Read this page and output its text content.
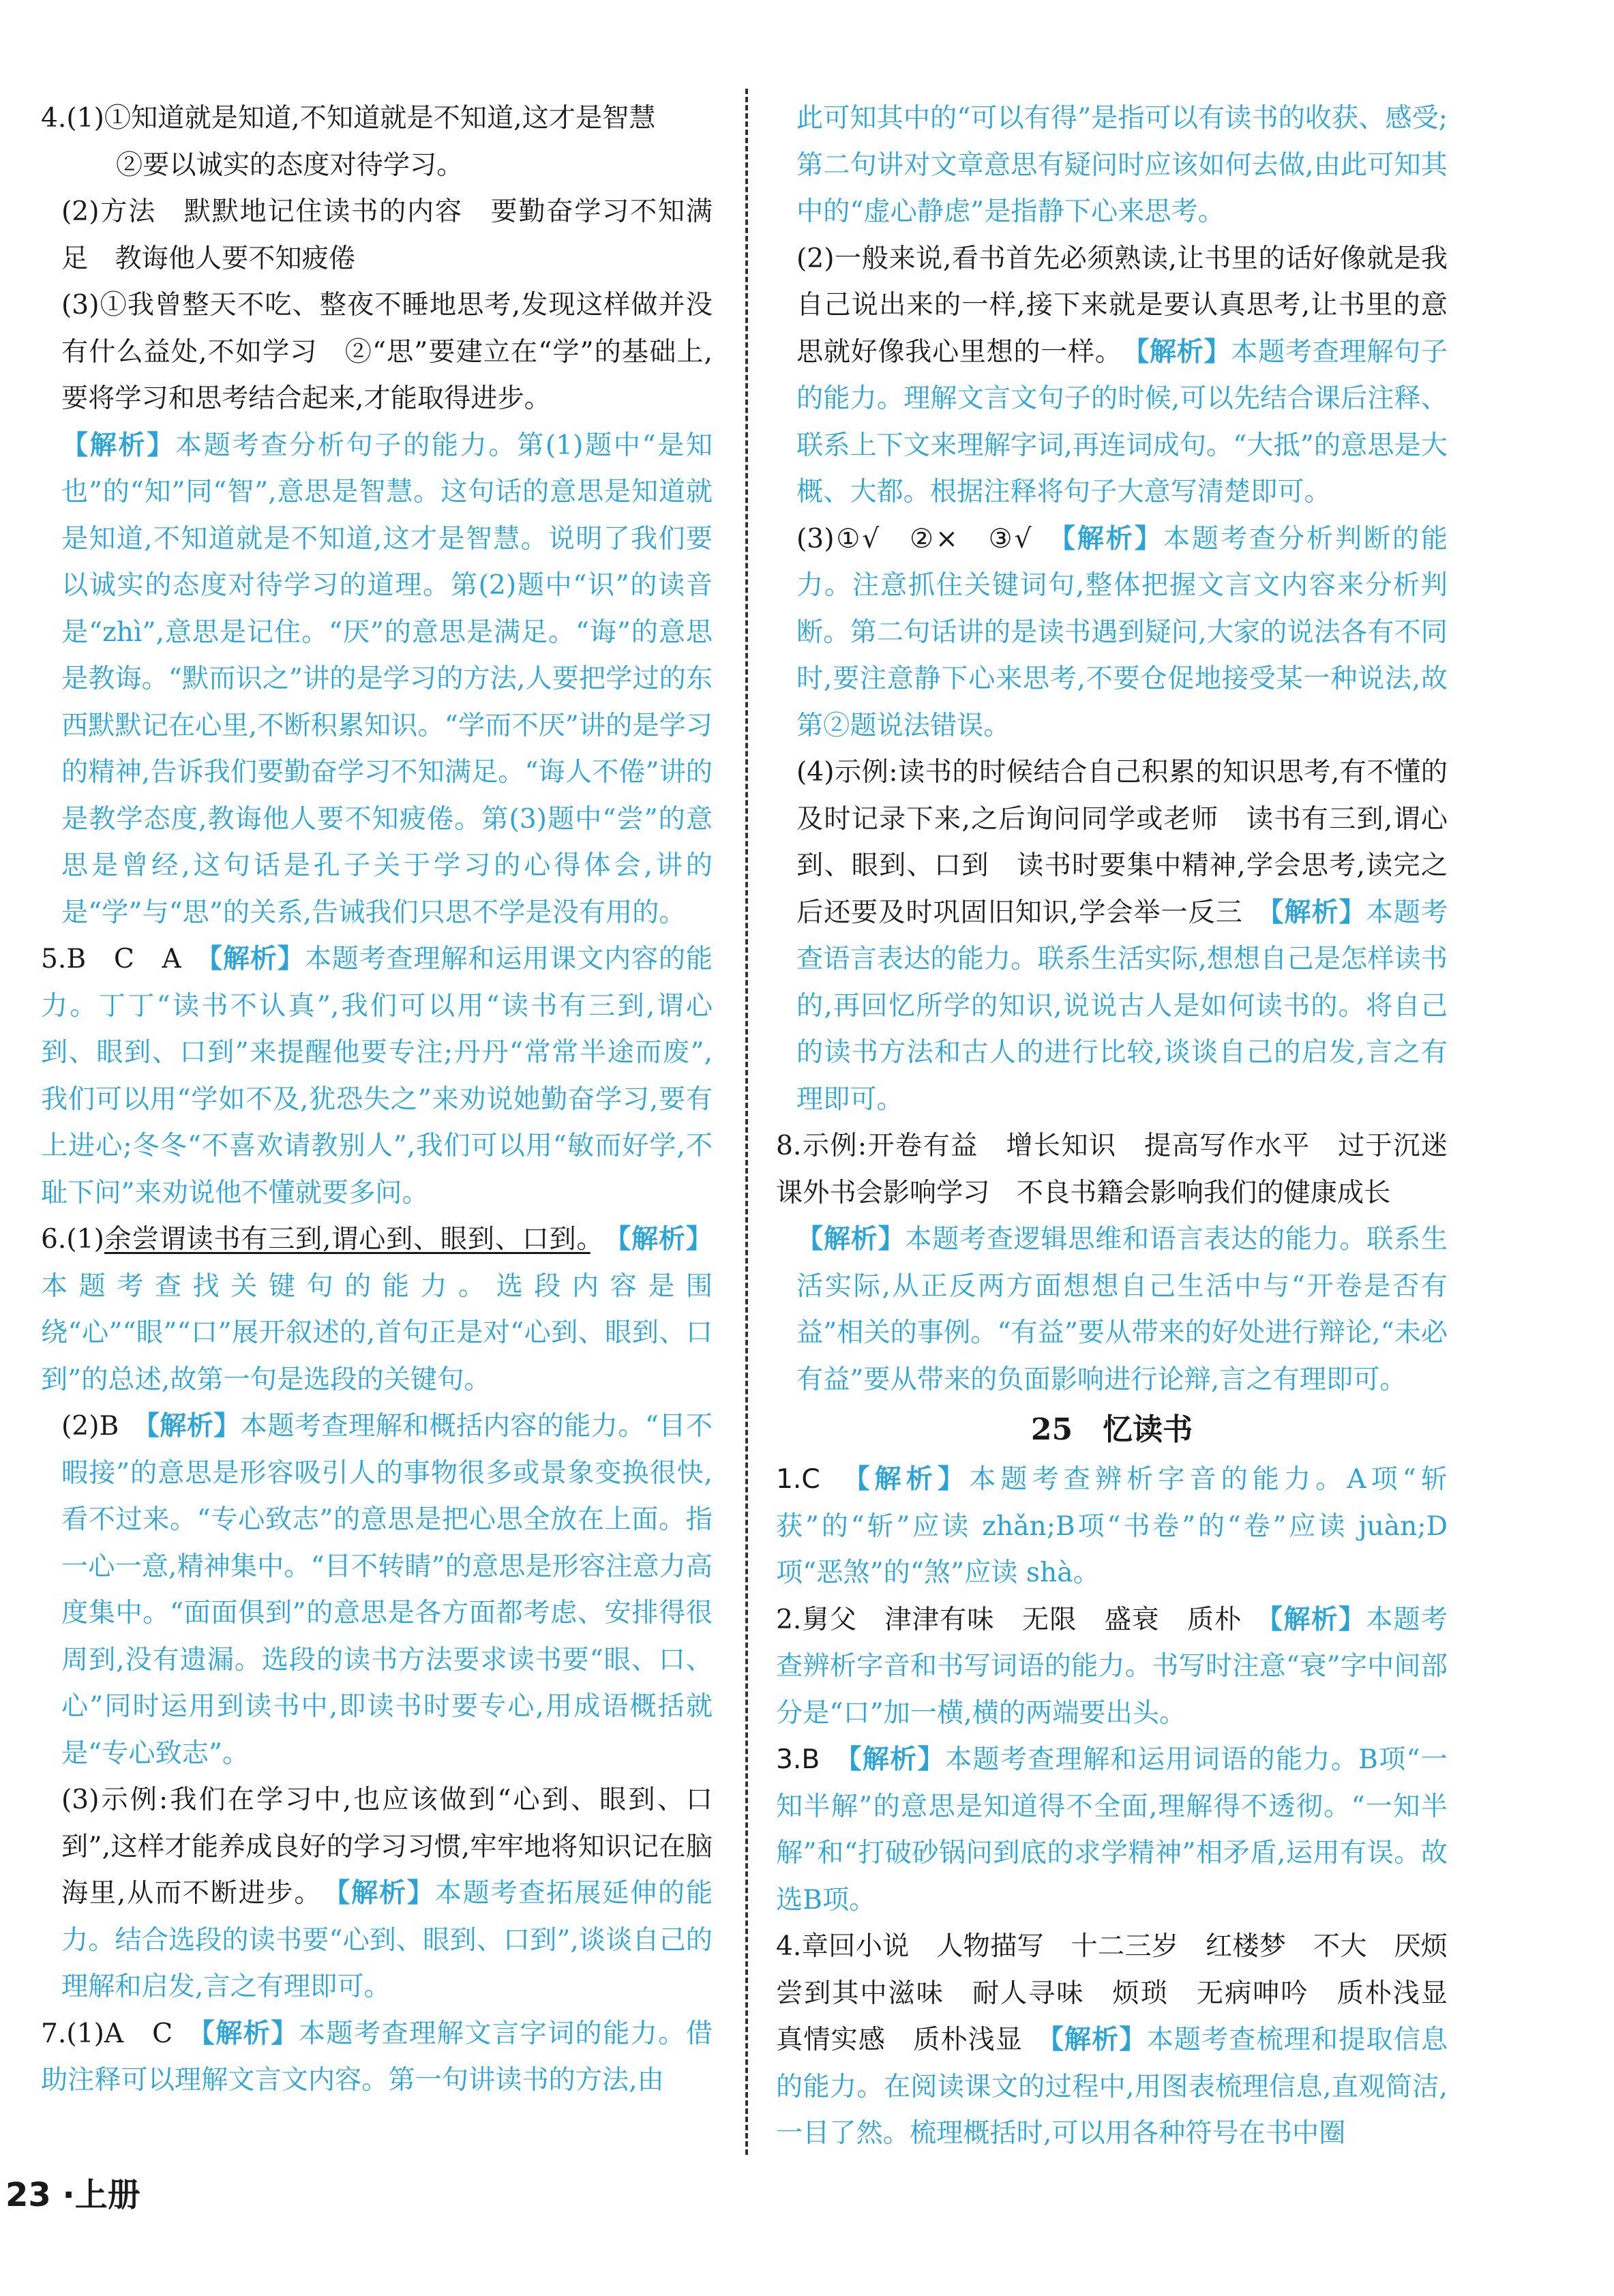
4.(1)①知道就是知道,不知道就是不知道,这才是智慧

②要以诚实的态度对待学习。

(2)方法　默默地记住读书的内容　要勤奋学习不知满足　教诲他人要不知疲倦

(3)①我曾整天不吃、整夜不睡地思考,发现这样做并没有什么益处,不如学习　②“思”要建立在“学”的基础上,要将学习和思考结合起来,才能取得进步。

【解析】本题考查分析句子的能力。第(1)题中“是知也”的“知”同“智”,意思是智慧。这句话的意思是知道就是知道,不知道就是不知道,这才是智慧。说明了我们要以诚实的态度对待学习的道理。第(2)题中“识”的读音是“zhì”,意思是记住。“厌”的意思是满足。“诲”的意思是教诲。“默而识之”讲的是学习的方法,人要把学过的东西默默记在心里,不断积累知识。“学而不厌”讲的是学习的精神,告诉我们要勤奋学习不知满足。“诲人不倦”讲的是教学态度,教诲他人要不知疲倦。第(3)题中“尝”的意思是曾经,这句话是孔子关于学习的心得体会,讲的是“学”与“思”的关系,告诫我们只思不学是没有用的。

5.B　C　A　 【解析】本题考查理解和运用课文内容的能力。丁丁“读书不认真”,我们可以用“读书有三到,谓心到、眼到、口到”来提醒他要专注;丹丹“常常半途而废”,我们可以用“学如不及,犹恐失之”来劝说她勤奋学习,要有上进心;冬冬“不喜欢请教别人”,我们可以用“敏而好学,不耻下问”来劝说他不懂就要多问。

6.(1)余尝谓读书有三到,谓心到、眼到、口到。　 【解析】本题考查找关键句的能力。选段内容是围绕“心”“眼”“口”展开叙述的,首句正是对“心到、眼到、口到”的总述,故第一句是选段的关键句。

(2)B　 【解析】本题考查理解和概括内容的能力。“目不暇接”的意思是形容吸引人的事物很多或景象变换很快,看不过来。“专心致志”的意思是把心思全放在上面。指一心一意,精神集中。“目不转睛”的意思是形容注意力高度集中。“面面俱到”的意思是各方面都考虑、安排得很周到,没有遗漏。选段的读书方法要求读书要“眼、口、心”同时运用到读书中,即读书时要专心,用成语概括就是“专心致志”。

(3)示例:我们在学习中,也应该做到“心到、眼到、口到”,这样才能养成良好的学习习惯,牢牢地将知识记在脑海里,从而不断进步。　 【解析】本题考查拓展延伸的能力。结合选段的读书要“心到、眼到、口到”,谈谈自己的理解和启发,言之有理即可。

7.(1)A　C　 【解析】本题考查理解文言字词的能力。借助注释可以理解文言文内容。第一句讲读书的方法,由

此可知其中的“可以有得”是指可以有读书的收获、感受;第二句讲对文章意思有疑问时应该如何去做,由此可知其中的“虚心静虑”是指静下心来思考。

(2)一般来说,看书首先必须熟读,让书里的话好像就是我自己说出来的一样,接下来就是要认真思考,让书里的意思就好像我心里想的一样。　 【解析】本题考查理解句子的能力。理解文言文句子的时候,可以先结合课后注释、联系上下文来理解字词,再连词成句。“大抵”的意思是大概、大都。根据注释将句子大意写清楚即可。

(3)①√　②×　③√　 【解析】本题考查分析判断的能力。注意抓住关键词句,整体把握文言文内容来分析判断。第二句话讲的是读书遇到疑问,大家的说法各有不同时,要注意静下心来思考,不要仓促地接受某一种说法,故第②题说法错误。

(4)示例:读书的时候结合自己积累的知识思考,有不懂的及时记录下来,之后询问同学或老师　读书有三到,谓心到、眼到、口到　读书时要集中精神,学会思考,读完之后还要及时巩固旧知识,学会举一反三　 【解析】本题考查语言表达的能力。联系生活实际,想想自己是怎样读书的,再回忆所学的知识,说说古人是如何读书的。将自己的读书方法和古人的进行比较,谈谈自己的启发,言之有理即可。

8.示例:开卷有益　增长知识　提高写作水平　过于沉迷课外书会影响学习　不良书籍会影响我们的健康成长

【解析】本题考查逻辑思维和语言表达的能力。联系生活实际,从正反两方面想想自己生活中与“开卷是否有益”相关的事例。“有益”要从带来的好处进行辩论,“未必有益”要从带来的负面影响进行论辩,言之有理即可。

25　忆读书

1.C　 【解析】本题考查辨析字音的能力。A项“斩获”的“斩”应读 zhǎn;B项“书卷”的“卷”应读 juàn;D项“恶煞”的“煞”应读 shà。

2.舅父　津津有味　无限　盛衰　质朴　 【解析】本题考查辨析字音和书写词语的能力。书写时注意“衰”字中间部分是“口”加一横,横的两端要出头。

3.B　 【解析】本题考查理解和运用词语的能力。B项“一知半解”的意思是知道得不全面,理解得不透彻。“一知半解”和“打破砂锅问到底的求学精神”相矛盾,运用有误。故选B项。

4.章回小说　人物描写　十二三岁　红楼梦　不大　厌烦　尝到其中滋味　耐人寻味　烦琐　无病呻吟　质朴浅显　真情实感　质朴浅显　 【解析】本题考查梳理和提取信息的能力。在阅读课文的过程中,用图表梳理信息,直观简洁,一目了然。梳理概括时,可以用各种符号在书中圈

23 ·上册
